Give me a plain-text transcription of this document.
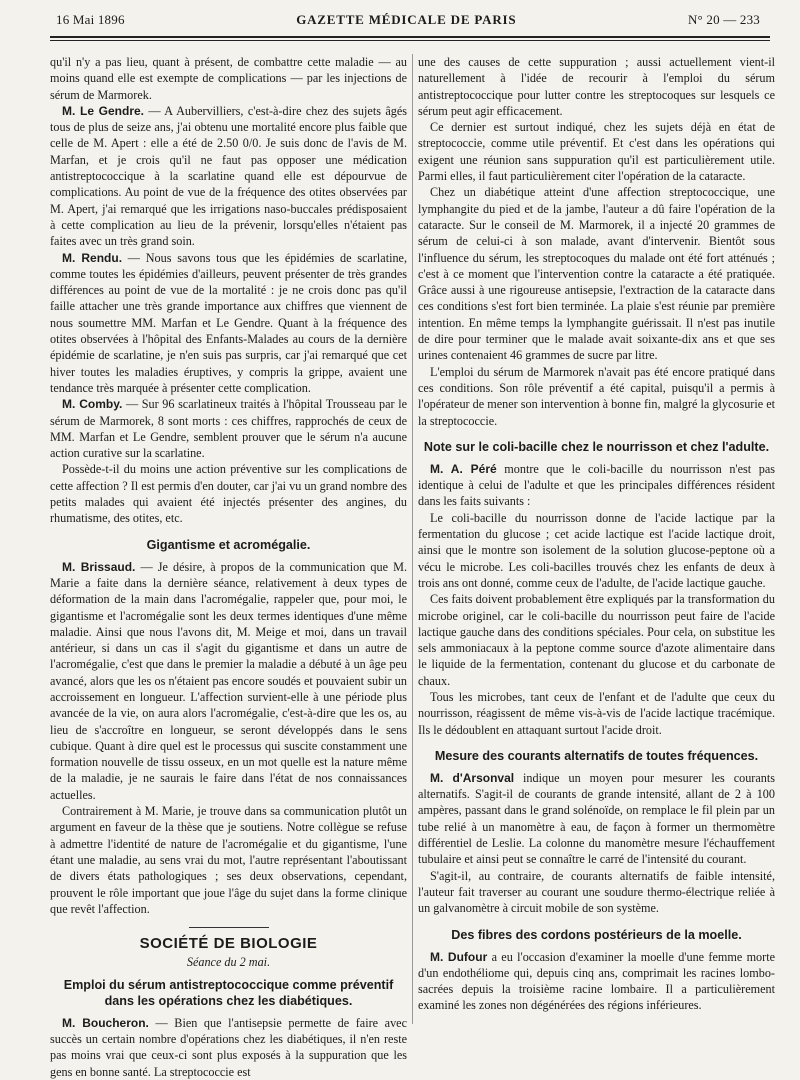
16 Mai 1896	GAZETTE MÉDICALE DE PARIS	N° 20 — 233

qu'il n'y a pas lieu, quant à présent, de combattre cette maladie — au moins quand elle est exempte de complications — par les injections de sérum de Marmorek.

M. Le Gendre. — A Aubervilliers, c'est-à-dire chez des sujets âgés tous de plus de seize ans, j'ai obtenu une mortalité encore plus faible que celle de M. Apert : elle a été de 2.50 0/0. Je suis donc de l'avis de M. Marfan, et je crois qu'il ne faut pas opposer une médication antistreptococcique à la scarlatine quand elle est dépourvue de complications. Au point de vue de la fréquence des otites observées par M. Apert, j'ai remarqué que les irrigations naso-buccales prédisposaient à cette complication au lieu de la prévenir, lorsqu'elles n'étaient pas faites avec un très grand soin.

M. Rendu. — Nous savons tous que les épidémies de scarlatine, comme toutes les épidémies d'ailleurs, peuvent présenter de très grandes différences au point de vue de la mortalité : je ne crois donc pas qu'il faille attacher une très grande importance aux chiffres que viennent de nous soumettre MM. Marfan et Le Gendre. Quant à la fréquence des otites observées à l'hôpital des Enfants-Malades au cours de la dernière épidémie de scarlatine, je n'en suis pas surpris, car j'ai remarqué que cet hiver toutes les maladies éruptives, y compris la grippe, avaient une tendance très marquée à présenter cette complication.

M. Comby. — Sur 96 scarlatineux traités à l'hôpital Trousseau par le sérum de Marmorek, 8 sont morts : ces chiffres, rapprochés de ceux de MM. Marfan et Le Gendre, semblent prouver que le sérum n'a aucune action curative sur la scarlatine.

Possède-t-il du moins une action préventive sur les complications de cette affection ? Il est permis d'en douter, car j'ai vu un grand nombre des petits malades qui avaient été injectés présenter des angines, du rhumatisme, des otites, etc.

Gigantisme et acromégalie.

M. Brissaud. — Je désire, à propos de la communication que M. Marie a faite dans la dernière séance, relativement à deux types de déformation de la main dans l'acromégalie, rappeler que, pour moi, le gigantisme et l'acromégalie sont les deux termes identiques d'une même maladie. Ainsi que nous l'avons dit, M. Meige et moi, dans un travail antérieur, si dans un cas il s'agit du gigantisme et dans un autre de l'acromégalie, c'est que dans le premier la maladie a débuté à un âge peu avancé, alors que les os n'étaient pas encore soudés et pouvaient subir un accroissement en longueur. L'affection survient-elle à une période plus avancée de la vie, on aura alors l'acromégalie, c'est-à-dire que les os, au lieu de s'accroître en longueur, se seront développés dans le sens cubique. Quant à dire quel est le processus qui suscite constamment une formation nouvelle de tissu osseux, en un mot quelle est la nature même de la maladie, je ne saurais le faire dans l'état de nos connaissances actuelles.

Contrairement à M. Marie, je trouve dans sa communication plutôt un argument en faveur de la thèse que je soutiens. Notre collègue se refuse à admettre l'identité de nature de l'acromégalie et du gigantisme, l'une étant une maladie, au sens vrai du mot, l'autre représentant l'aboutissant de divers états pathologiques ; ses deux observations, cependant, prouvent le rôle important que joue l'âge du sujet dans la forme clinique que revêt l'affection.

SOCIÉTÉ DE BIOLOGIE
Séance du 2 mai.
Emploi du sérum antistreptococcique comme préventif dans les opérations chez les diabétiques.

M. Boucheron. — Bien que l'antisepsie permette de faire avec succès un certain nombre d'opérations chez les diabétiques, il n'en reste pas moins vrai que ceux-ci sont plus exposés à la suppuration que les gens en bonne santé. La streptococcie est

une des causes de cette suppuration ; aussi actuellement vient-il naturellement à l'idée de recourir à l'emploi du sérum antistreptococcique pour lutter contre les streptocoques sur lesquels ce sérum peut agir efficacement.

Ce dernier est surtout indiqué, chez les sujets déjà en état de streptococcie, comme utile préventif. Et c'est dans les opérations qui exigent une réunion sans suppuration qu'il est particulièrement utile. Parmi elles, il faut particulièrement citer l'opération de la cataracte.

Chez un diabétique atteint d'une affection streptococcique, une lymphangite du pied et de la jambe, l'auteur a dû faire l'opération de la cataracte. Sur le conseil de M. Marmorek, il a injecté 20 grammes de sérum de celui-ci à son malade, avant d'intervenir. Bientôt sous l'influence du sérum, les streptocoques du malade ont été fort atténués ; c'est à ce moment que l'intervention contre la cataracte a été pratiquée. Grâce aussi à une rigoureuse antisepsie, l'extraction de la cataracte dans ces conditions s'est fort bien terminée. La plaie s'est réunie par première intention. En même temps la lymphangite guérissait. Il n'est pas inutile de dire pour terminer que le malade avait soixante-dix ans et que ses urines contenaient 46 grammes de sucre par litre.

L'emploi du sérum de Marmorek n'avait pas été encore pratiqué dans ces conditions. Son rôle préventif a été capital, puisqu'il a permis à l'opérateur de mener son intervention à bonne fin, malgré la glycosurie et la streptococcie.

Note sur le coli-bacille chez le nourrisson et chez l'adulte.

M. A. Péré montre que le coli-bacille du nourrisson n'est pas identique à celui de l'adulte et que les principales différences résident dans les faits suivants :

Le coli-bacille du nourrisson donne de l'acide lactique par la fermentation du glucose ; cet acide lactique est l'acide lactique droit, ainsi que le montre son isolement de la solution glucose-peptone où a vécu le microbe. Les coli-bacilles trouvés chez les enfants de deux à trois ans ont donné, comme ceux de l'adulte, de l'acide lactique gauche.

Ces faits doivent probablement être expliqués par la transformation du microbe originel, car le coli-bacille du nourrisson peut faire de l'acide lactique gauche dans des conditions spéciales. Pour cela, on substitue les sels ammoniacaux à la peptone comme source d'azote alimentaire dans le liquide de la fermentation, contenant du glucose et du carbonate de chaux.

Tous les microbes, tant ceux de l'enfant et de l'adulte que ceux du nourrisson, réagissent de même vis-à-vis de l'acide lactique tracémique. Ils le dédoublent en attaquant surtout l'acide droit.

Mesure des courants alternatifs de toutes fréquences.

M. d'Arsonval indique un moyen pour mesurer les courants alternatifs. S'agit-il de courants de grande intensité, allant de 2 à 100 ampères, passant dans le grand solénoïde, on remplace le fil plein par un tube relié à un manomètre à eau, de façon à former un thermomètre différentiel de Leslie. La colonne du manomètre mesure l'échauffement tubulaire et ainsi peut se connaître le carré de l'intensité du courant.

S'agit-il, au contraire, de courants alternatifs de faible intensité, l'auteur fait traverser au courant une soudure thermo-électrique reliée à un galvanomètre à circuit mobile de son système.

Des fibres des cordons postérieurs de la moelle.

M. Dufour a eu l'occasion d'examiner la moelle d'une femme morte d'un endothéliome qui, depuis cinq ans, comprimait les racines lombo-sacrées depuis la troisième racine lombaire. Il a particulièrement examiné les zones non dégénérées des régions inférieures.
